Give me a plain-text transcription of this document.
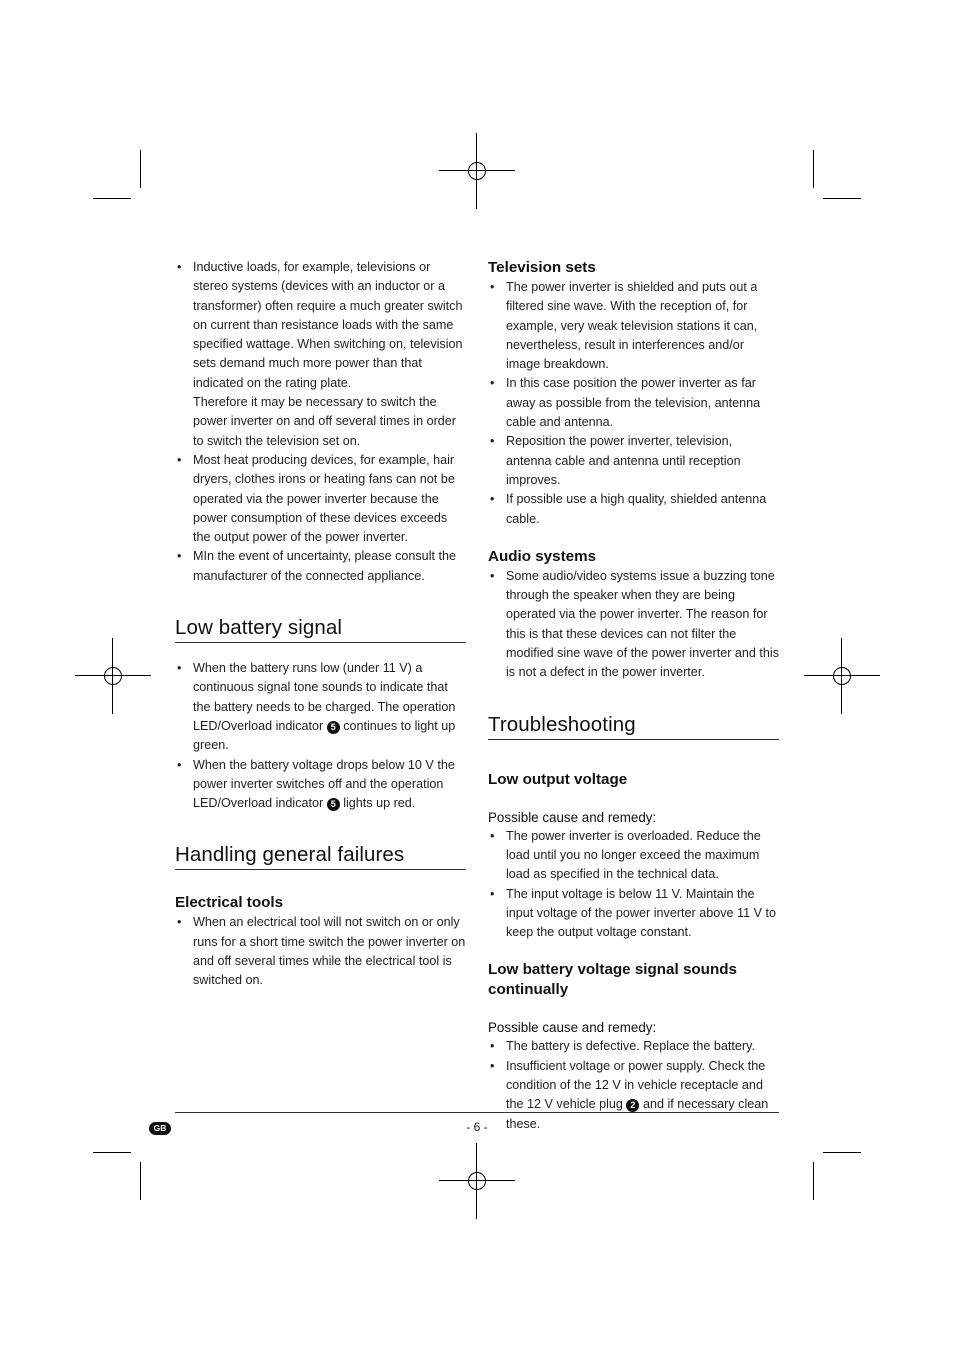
• Inductive loads, for example, televisions or stereo systems (devices with an inductor or a transformer) often require a much greater switch on current than resistance loads with the same specified wattage. When switching on, television sets demand much more power than that indicated on the rating plate.
Therefore it may be necessary to switch the power inverter on and off several times in order to switch the television set on.
• Most heat producing devices, for example, hair dryers, clothes irons or heating fans can not be operated via the power inverter because the power consumption of these devices exceeds the output power of the power inverter.
• MIn the event of uncertainty, please consult the manufacturer of the connected appliance.
Low battery signal
• When the battery runs low (under 11 V) a continuous signal tone sounds to indicate that the battery needs to be charged. The operation LED/Overload indicator 5 continues to light up green.
• When the battery voltage drops below 10 V the power inverter switches off and the operation LED/Overload indicator 5 lights up red.
Handling general failures
Electrical tools
• When an electrical tool will not switch on or only runs for a short time switch the power inverter on and off several times while the electrical tool is switched on.
Television sets
• The power inverter is shielded and puts out a filtered sine wave. With the reception of, for example, very weak television stations it can, nevertheless, result in interferences and/or image breakdown.
• In this case position the power inverter as far away as possible from the television, antenna cable and antenna.
• Reposition the power inverter, television, antenna cable and antenna until reception improves.
• If possible use a high quality, shielded antenna cable.
Audio systems
• Some audio/video systems issue a buzzing tone through the speaker when they are being operated via the power inverter. The reason for this is that these devices can not filter the modified sine wave of the power inverter and this is not a defect in the power inverter.
Troubleshooting
Low output voltage
Possible cause and remedy:
• The power inverter is overloaded. Reduce the load until you no longer exceed the maximum load as specified in the technical data.
• The input voltage is below 11 V. Maintain the input voltage of the power inverter above 11 V to keep the output voltage constant.
Low battery voltage signal sounds continually
Possible cause and remedy:
• The battery is defective. Replace the battery.
• Insufficient voltage or power supply. Check the condition of the 12 V in vehicle receptacle and the 12 V vehicle plug 2 and if necessary clean these.
GB	- 6 -
